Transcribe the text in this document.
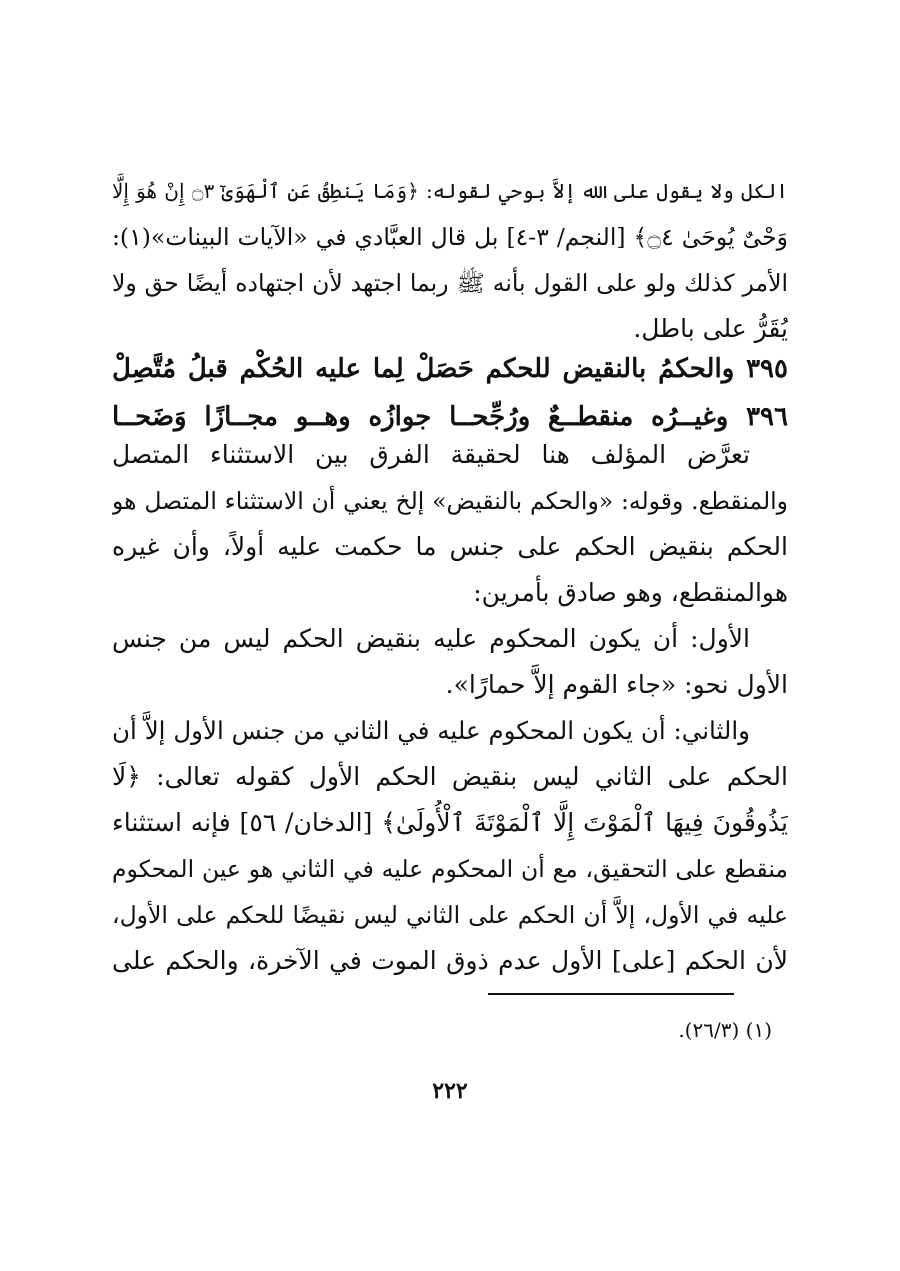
الكل ولا يقول على الله إلاَّ بوحي لقوله: ﴿وَمَا يَنطِقُ عَنِ ٱلْهَوَىٰٓ ۝٣ إِنْ هُوَ إِلَّا
وَحْىٌ يُوحَىٰ ۝٤﴾ [النجم/ ٣-٤] بل قال العبَّادي في «الآيات البينات»(١):
الأمر كذلك ولو على القول بأنه ﷺ ربما اجتهد لأن اجتهاده أيضًا حق ولا
يُقَرُّ على باطل.
٣٩٥ والحكمُ بالنقيض للحكم حَصَلْ لِما عليه الحُكْم قبلُ مُتَّصِلْ
٣٩٦ وغيــرُه منقطــعٌ ورُجِّحــا جوازُه وهــو مجــازًا وَضَحــا
تعرَّض المؤلف هنا لحقيقة الفرق بين الاستثناء المتصل
والمنقطع. وقوله: «والحكم بالنقيض» إلخ يعني أن الاستثناء المتصل هو
الحكم بنقيض الحكم على جنس ما حكمت عليه أولاً، وأن غيره
هوالمنقطع، وهو صادق بأمرين:
الأول: أن يكون المحكوم عليه بنقيض الحكم ليس من جنس
الأول نحو: «جاء القوم إلاَّ حمارًا».
والثاني: أن يكون المحكوم عليه في الثاني من جنس الأول إلاَّ أن
الحكم على الثاني ليس بنقيض الحكم الأول كقوله تعالى: ﴿لَا
يَذُوقُونَ فِيهَا ٱلْمَوْتَ إِلَّا ٱلْمَوْتَةَ ٱلْأُولَىٰ﴾ [الدخان/ ٥٦] فإنه استثناء
منقطع على التحقيق، مع أن المحكوم عليه في الثاني هو عين المحكوم
عليه في الأول، إلاَّ أن الحكم على الثاني ليس نقيضًا للحكم على الأول،
لأن الحكم [على] الأول عدم ذوق الموت في الآخرة، والحكم على
(١) (٢٦/٣).
٢٢٢
